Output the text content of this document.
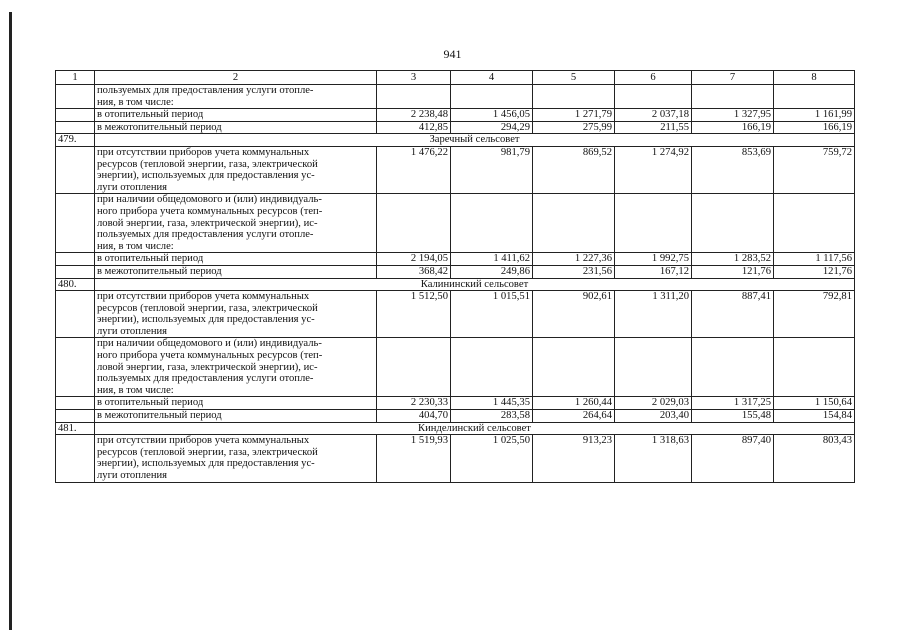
941
1	2	3	4	5	6	7	8
	пользуемых для предоставления услуги отопле-
ния, в том числе:						
	в отопительный период	2 238,48	1 456,05	1 271,79	2 037,18	1 327,95	1 161,99
	в межотопительный период	412,85	294,29	275,99	211,55	166,19	166,19
479.	Заречный сельсовет						
	при отсутствии приборов учета коммунальных
ресурсов (тепловой энергии, газа, электрической
энергии), используемых для предоставления ус-
луги отопления	1 476,22	981,79	869,52	1 274,92	853,69	759,72
	при наличии общедомового и (или) индивидуаль-
ного прибора учета коммунальных ресурсов (теп-
ловой энергии, газа, электрической энергии), ис-
пользуемых для предоставления услуги отопле-
ния, в том числе:						
	в отопительный период	2 194,05	1 411,62	1 227,36	1 992,75	1 283,52	1 117,56
	в межотопительный период	368,42	249,86	231,56	167,12	121,76	121,76
480.	Калининский сельсовет						
	при отсутствии приборов учета коммунальных
ресурсов (тепловой энергии, газа, электрической
энергии), используемых для предоставления ус-
луги отопления	1 512,50	1 015,51	902,61	1 311,20	887,41	792,81
	при наличии общедомового и (или) индивидуаль-
ного прибора учета коммунальных ресурсов (теп-
ловой энергии, газа, электрической энергии), ис-
пользуемых для предоставления услуги отопле-
ния, в том числе:						
	в отопительный период	2 230,33	1 445,35	1 260,44	2 029,03	1 317,25	1 150,64
	в межотопительный период	404,70	283,58	264,64	203,40	155,48	154,84
481.	Кинделинский сельсовет						
	при отсутствии приборов учета коммунальных
ресурсов (тепловой энергии, газа, электрической
энергии), используемых для предоставления ус-
луги отопления	1 519,93	1 025,50	913,23	1 318,63	897,40	803,43
